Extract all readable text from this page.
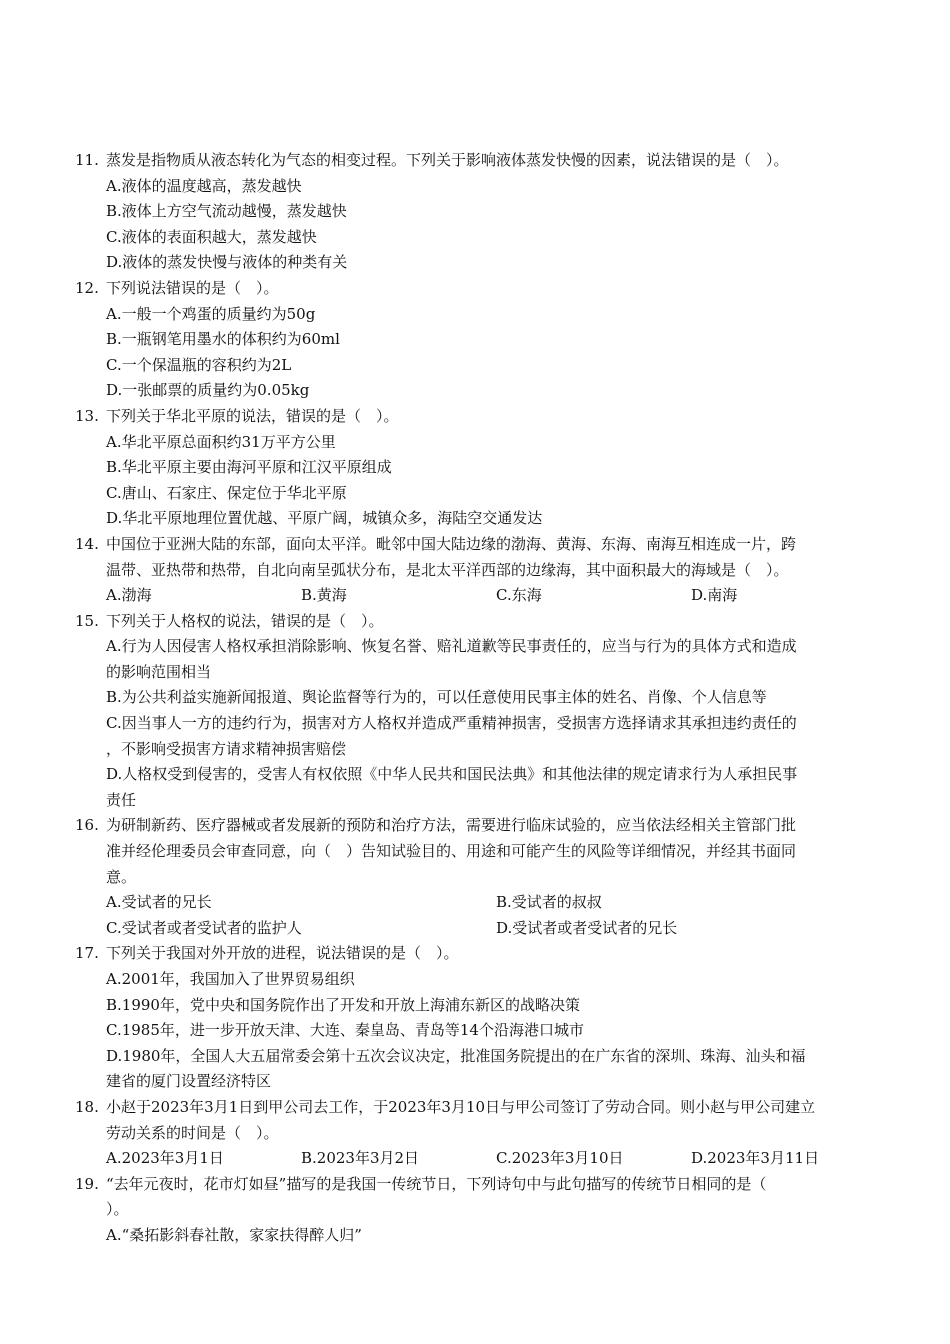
11. 蒸发是指物质从液态转化为气态的相变过程。下列关于影响液体蒸发快慢的因素，说法错误的是（　）。
A.液体的温度越高，蒸发越快
B.液体上方空气流动越慢，蒸发越快
C.液体的表面积越大，蒸发越快
D.液体的蒸发快慢与液体的种类有关
12. 下列说法错误的是（　）。
A.一般一个鸡蛋的质量约为50g
B.一瓶钢笔用墨水的体积约为60ml
C.一个保温瓶的容积约为2L
D.一张邮票的质量约为0.05kg
13. 下列关于华北平原的说法，错误的是（　）。
A.华北平原总面积约31万平方公里
B.华北平原主要由海河平原和江汉平原组成
C.唐山、石家庄、保定位于华北平原
D.华北平原地理位置优越、平原广阔，城镇众多，海陆空交通发达
14. 中国位于亚洲大陆的东部，面向太平洋。毗邻中国大陆边缘的渤海、黄海、东海、南海互相连成一片，跨
温带、亚热带和热带，自北向南呈弧状分布，是北太平洋西部的边缘海，其中面积最大的海域是（　）。
A.渤海	B.黄海	C.东海	D.南海
15. 下列关于人格权的说法，错误的是（　）。
A.行为人因侵害人格权承担消除影响、恢复名誉、赔礼道歉等民事责任的，应当与行为的具体方式和造成
的影响范围相当
B.为公共利益实施新闻报道、舆论监督等行为的，可以任意使用民事主体的姓名、肖像、个人信息等
C.因当事人一方的违约行为，损害对方人格权并造成严重精神损害，受损害方选择请求其承担违约责任的
，不影响受损害方请求精神损害赔偿
D.人格权受到侵害的，受害人有权依照《中华人民共和国民法典》和其他法律的规定请求行为人承担民事
责任
16. 为研制新药、医疗器械或者发展新的预防和治疗方法，需要进行临床试验的，应当依法经相关主管部门批
准并经伦理委员会审查同意，向（　）告知试验目的、用途和可能产生的风险等详细情况，并经其书面同
意。
A.受试者的兄长	B.受试者的叔叔
C.受试者或者受试者的监护人	D.受试者或者受试者的兄长
17. 下列关于我国对外开放的进程，说法错误的是（　）。
A.2001年，我国加入了世界贸易组织
B.1990年，党中央和国务院作出了开发和开放上海浦东新区的战略决策
C.1985年，进一步开放天津、大连、秦皇岛、青岛等14个沿海港口城市
D.1980年，全国人大五届常委会第十五次会议决定，批准国务院提出的在广东省的深圳、珠海、汕头和福
建省的厦门设置经济特区
18. 小赵于2023年3月1日到甲公司去工作，于2023年3月10日与甲公司签订了劳动合同。则小赵与甲公司建立
劳动关系的时间是（　）。
A.2023年3月1日	B.2023年3月2日	C.2023年3月10日	D.2023年3月11日
19. “去年元夜时，花市灯如昼”描写的是我国一传统节日，下列诗句中与此句描写的传统节日相同的是（
）。
A.“桑拓影斜春社散，家家扶得醉人归”
